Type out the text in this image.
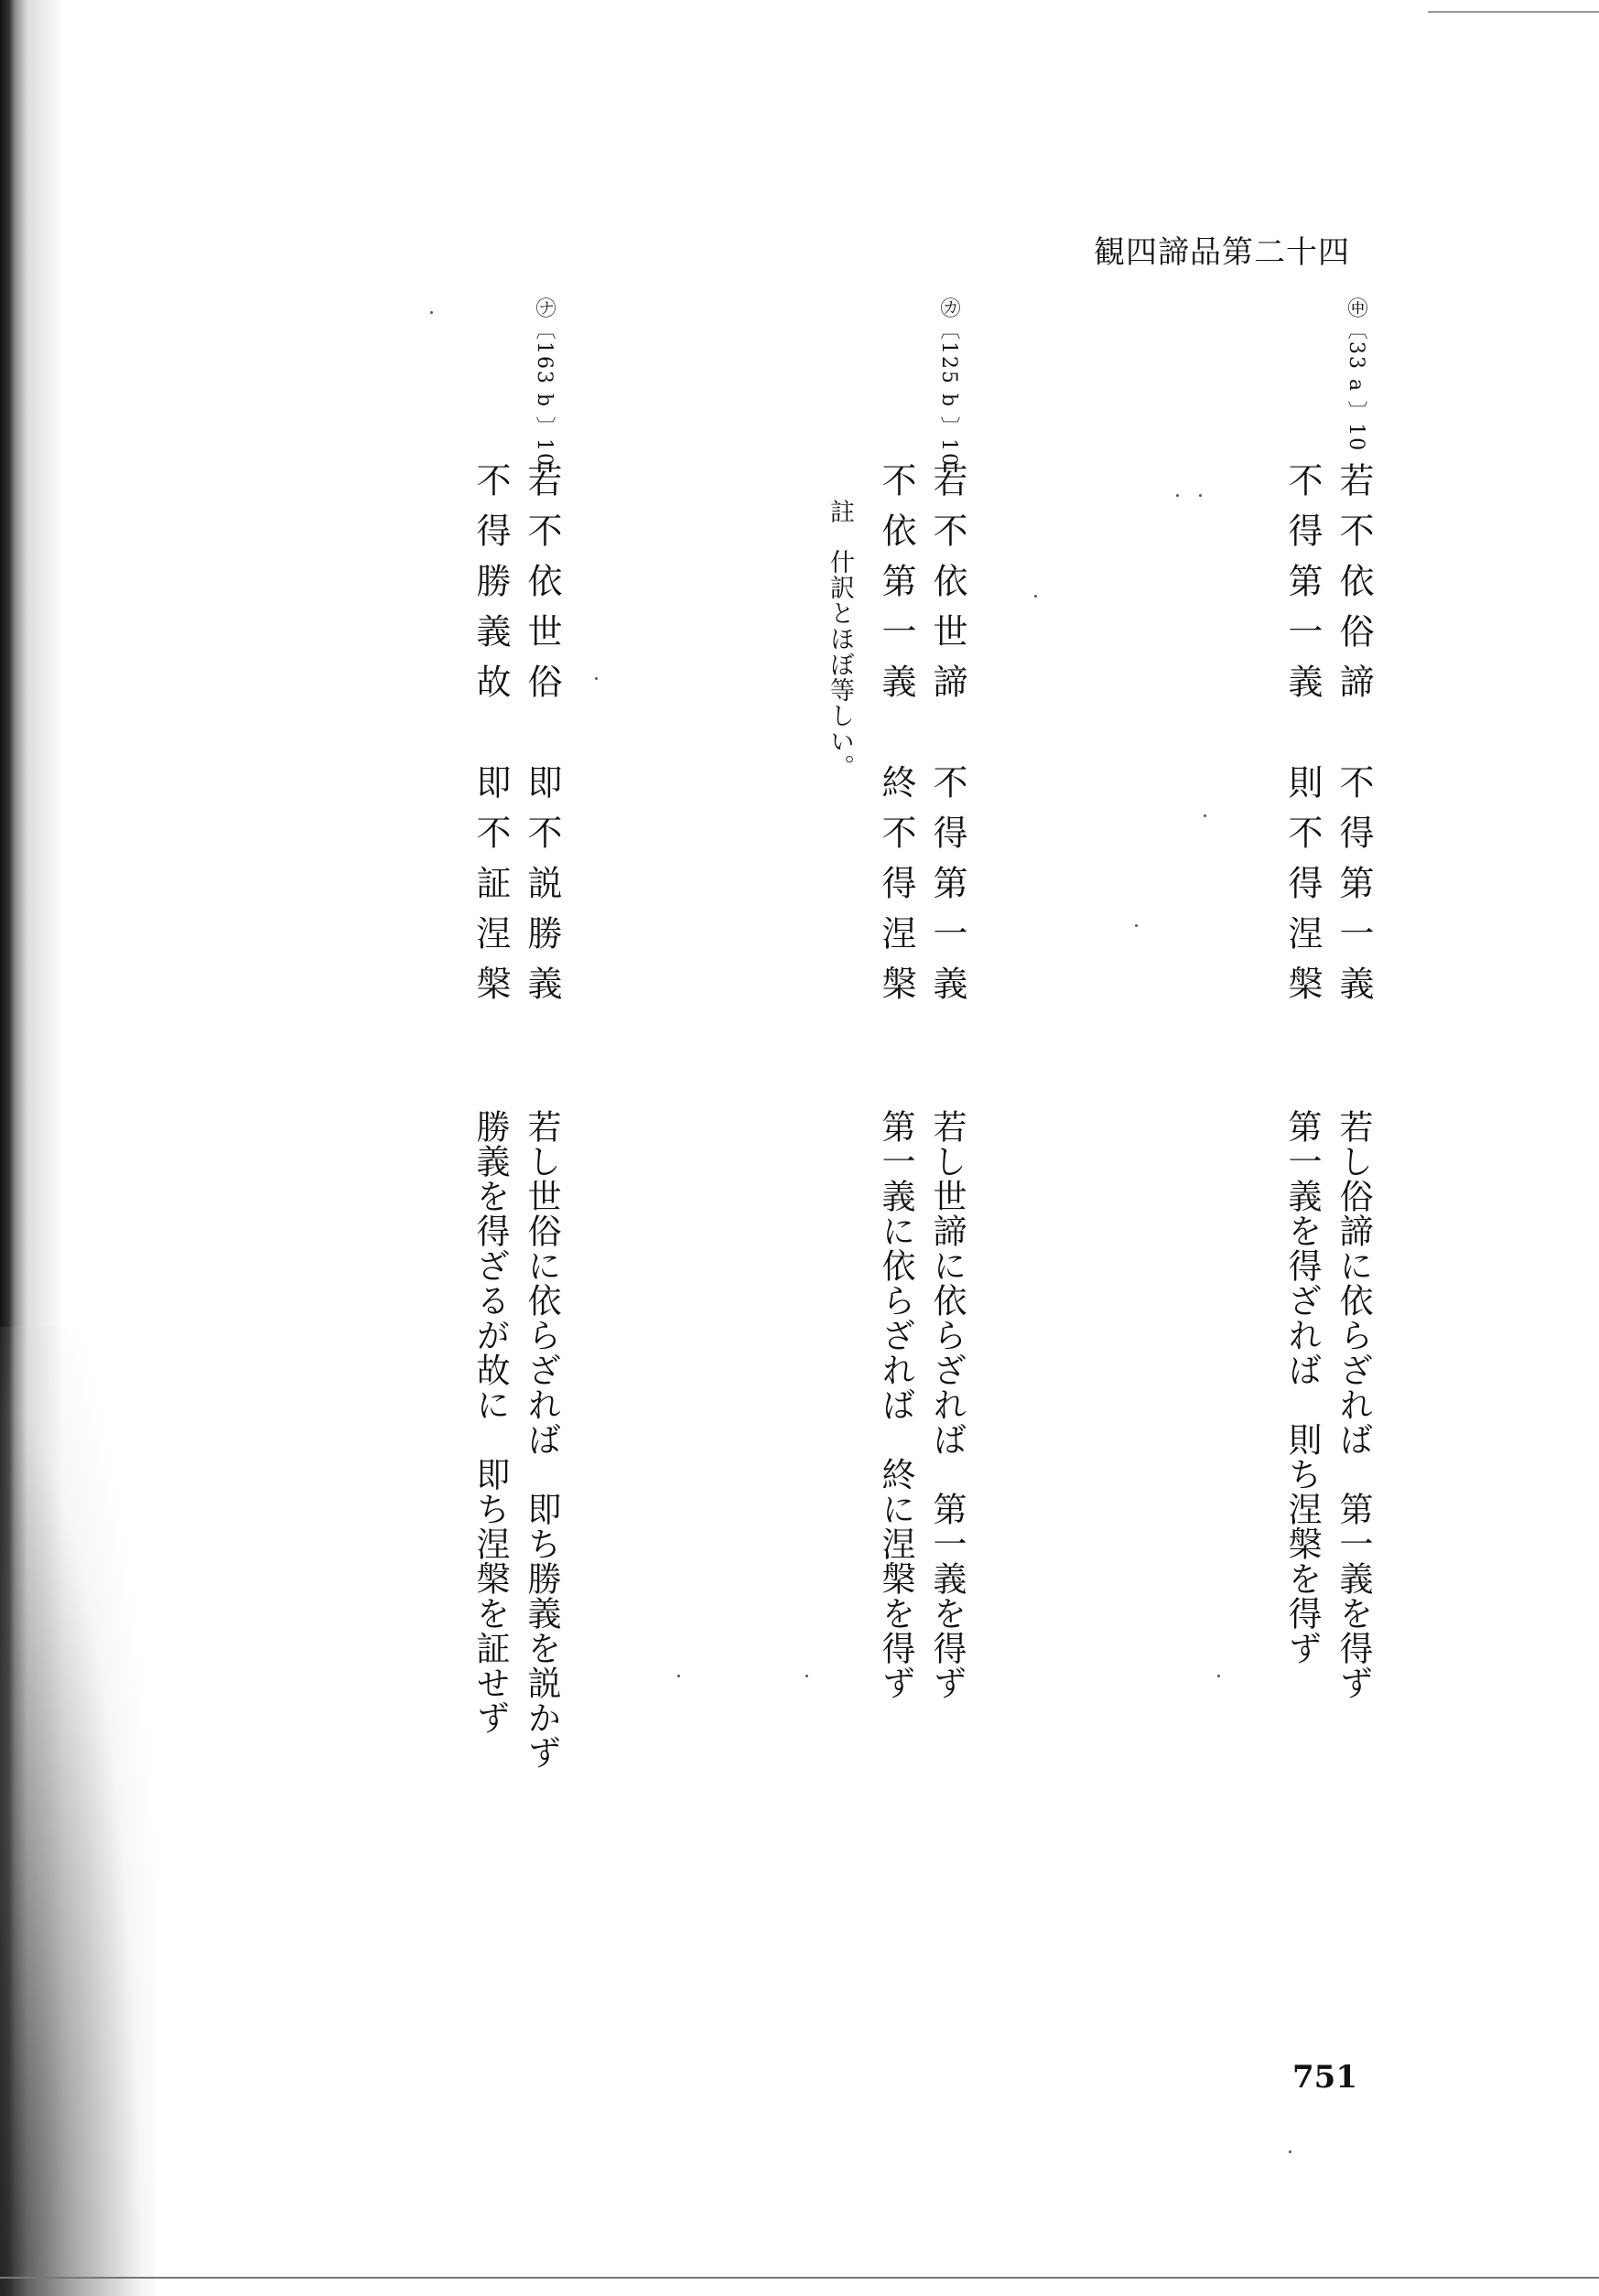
観四諦品第二十四
㊥〔33 a 〕10
若不依俗諦　不得第一義
不得第一義　則不得涅槃
若し俗諦に依らざれば　第一義を得ず
第一義を得ざれば　則ち涅槃を得ず
㋕〔125 b 〕10
若不依世諦　不得第一義
不依第一義　終不得涅槃
若し世諦に依らざれば　第一義を得ず
第一義に依らざれば　終に涅槃を得ず
註
什訳とほぼ等しい。
㋤〔163 b 〕10
若不依世俗　即不説勝義
不得勝義故　即不証涅槃
若し世俗に依らざれば　即ち勝義を説かず
勝義を得ざるが故に　即ち涅槃を証せず
751
